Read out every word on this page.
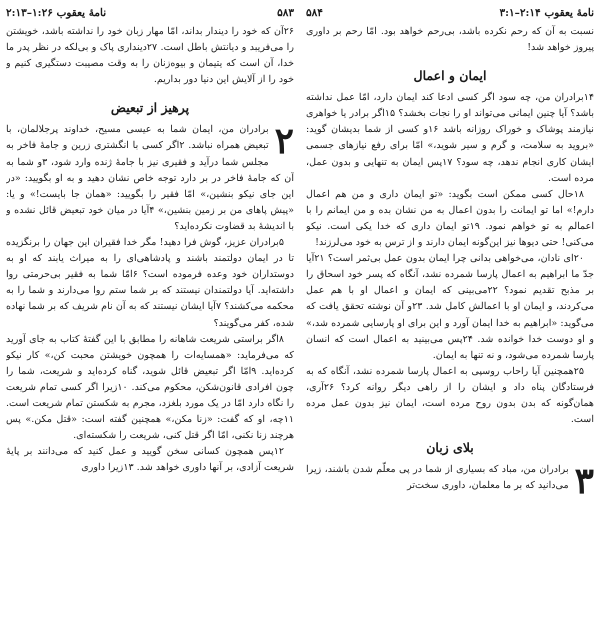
نامهٔ یعقوب ۱:۲۶–۲:۱۳	۵۸۳

۲۶آن که خود را دیندار بداند، امّا مهار زبان خود را نداشته باشد، خویشتن را می‌فریبد و دیانتش باطل است. ۲۷دینداری پاک و بی‌لکه در نظر پدر ما خدا، آن است که یتیمان و بیوه‌زنان را به وقت مصیبت دستگیری کنیم و خود را از آلایش این دنیا دور بداریم.

پرهیز از تبعیض
۲

برادران من، ایمان شما به عیسی مسیح، خداوند پرجلالمان، با تبعیض همراه نباشد. ۲اگر کسی با انگشتری زرین و جامهٔ فاخر به مجلس شما درآید و فقیری نیز با جامهٔ ژنده وارد شود، ۳و شما به آن که جامهٔ فاخر در بر دارد توجه خاص نشان دهید و به او بگویید: «در این جای نیکو بنشین،» امّا فقیر را بگویید: «همان جا بایست!» و یا: «پیش پاهای من بر زمین بنشین،» ۴آیا در میان خود تبعیض قائل نشده و با اندیشهٔ بد قضاوت نکرده‌اید؟

۵برادران عزیز، گوش فرا دهید! مگر خدا فقیران این جهان را برنگزیده تا در ایمان دولتمند باشند و پادشاهی‌ای را به میراث یابند که او به دوستداران خود وعده فرموده است؟ ۶امّا شما به فقیر بی‌حرمتی روا داشته‌اید. آیا دولتمندان نیستند که بر شما ستم روا می‌دارند و شما را به محکمه می‌کشند؟ ۷آیا ایشان نیستند که به آن نام شریف که بر شما نهاده شده، کفر می‌گویند؟

۸اگر براستی شریعت شاهانه را مطابق با این گفتهٔ کتاب به جای آورید که می‌فرماید: «همسایه‌ات را همچون خویشتن محبت کن،» کار نیکو کرده‌اید. ۹امّا اگر تبعیض قائل شوید، گناه کرده‌اید و شریعت، شما را چون افرادی قانون‌شکن، محکوم می‌کند. ۱۰زیرا اگر کسی تمام شریعت را نگاه دارد امّا در یک مورد بلغزد، مجرم به شکستن تمام شریعت است. ۱۱چه، او که گفت: «زنا مکن،» همچنین گفته است: «قتل مکن.» پس هرچند زنا نکنی، امّا اگر قتل کنی، شریعت را شکسته‌ای.

۱۲پس همچون کسانی سخن گویید و عمل کنید که می‌دانند بر پایهٔ شریعت آزادی، بر آنها داوری خواهد شد. ۱۳زیرا داوری

۵۸۴	نامهٔ یعقوب ۲:۱۴–۳:۱

نسبت به آن که رحم نکرده باشد، بی‌رحم خواهد بود. امّا رحم بر داوری پیروز خواهد شد!

ایمان و اعمال

۱۴برادران من، چه سود اگر کسی ادعا کند ایمان دارد، امّا عمل نداشته باشد؟ آیا چنین ایمانی می‌تواند او را نجات بخشد؟ ۱۵اگر برادر یا خواهری نیازمند پوشاک و خوراک روزانه باشد ۱۶و کسی از شما بدیشان گوید: «بروید به سلامت، و گرم و سیر شوید،» امّا برای رفع نیازهای جسمی ایشان کاری انجام ندهد، چه سود؟ ۱۷پس ایمان به تنهایی و بدون عمل، مرده است.

۱۸حال کسی ممکن است بگوید: «تو ایمان داری و من هم اعمال دارم!» اما تو ایمانت را بدون اعمال به من نشان بده و من ایمانم را با اعمالم به تو خواهم نمود. ۱۹تو ایمان داری که خدا یکی است. نیکو می‌کنی! حتی دیوها نیز این‌گونه ایمان دارند و از ترس به خود می‌لرزند!

۲۰ای نادان، می‌خواهی بدانی چرا ایمان بدون عمل بی‌ثمر است؟ ۲۱آیا جدّ ما ابراهیم به اعمال پارسا شمرده نشد، آنگاه که پسر خود اسحاق را بر مذبح تقدیم نمود؟ ۲۲می‌بینی که ایمان و اعمال او با هم عمل می‌کردند، و ایمان او با اعمالش کامل شد. ۲۳و آن نوشته تحقق یافت که می‌گوید: «ابراهیم به خدا ایمان آورد و این برای او پارسایی شمرده شد،» و او دوست خدا خوانده شد. ۲۴پس می‌بینید به اعمال است که انسان پارسا شمرده می‌شود، و نه تنها به ایمان.

۲۵همچنین آیا راحاب روسپی به اعمال پارسا شمرده نشد، آنگاه که به فرستادگان پناه داد و ایشان را از راهی دیگر روانه کرد؟ ۲۶آری، همان‌گونه که بدن بدون روح مرده است، ایمان نیز بدون عمل مرده است.

بلای زبان
۳

برادران من، مباد که بسیاری از شما در پی معلّم شدن باشند، زیرا می‌دانید که بر ما معلمان، داوری سخت‌تر
